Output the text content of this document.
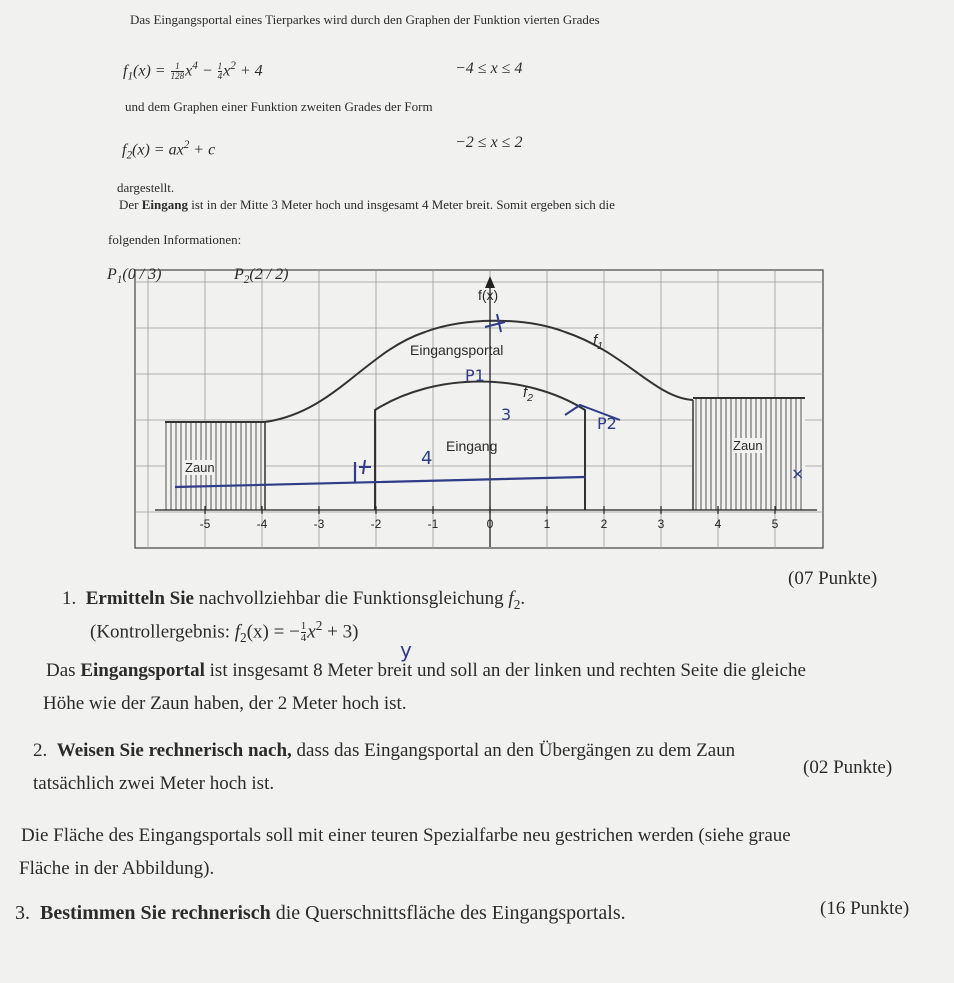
Das Eingangsportal eines Tierparkes wird durch den Graphen der Funktion vierten Grades
$f_1(x) = \frac{1}{128} x^4 - \frac{1}{4} x^2 + 4$	−4 ≤ x ≤ 4
und dem Graphen einer Funktion zweiten Grades der Form
$f_2(x) = ax^2 + c$	−2 ≤ x ≤ 2
dargestellt.
Der Eingang ist in der Mitte 3 Meter hoch und insgesamt 4 Meter breit. Somit ergeben sich die
folgenden Informationen:
-5	-4	-3	-2	-1	0	1	2	3	4	5
$P_1(0 / 3)$	$P_2(2 / 2)$
f(x)
Eingangsportal
$f_1$
$f_2$
Eingang
Zaun
Zaun
P1
3	P2
4
×
1. Ermitteln Sie nachvollziehbar die Funktionsgleichung $f_2$.
(07 Punkte)
(Kontrollergebnis: $f_2(x)$ = − $\frac{1}{4} x^2 + 3$)
y
Das Eingangsportal ist insgesamt 8 Meter breit und soll an der linken und rechten Seite die gleiche
Höhe wie der Zaun haben, der 2 Meter hoch ist.
2. Weisen Sie rechnerisch nach, dass das Eingangsportal an den Übergängen zu dem Zaun
tatsächlich zwei Meter hoch ist.
(02 Punkte)
Die Fläche des Eingangsportals soll mit einer teuren Spezialfarbe neu gestrichen werden (siehe graue
Fläche in der Abbildung).
3. Bestimmen Sie rechnerisch die Querschnittsfläche des Eingangsportals.	(16 Punkte)
